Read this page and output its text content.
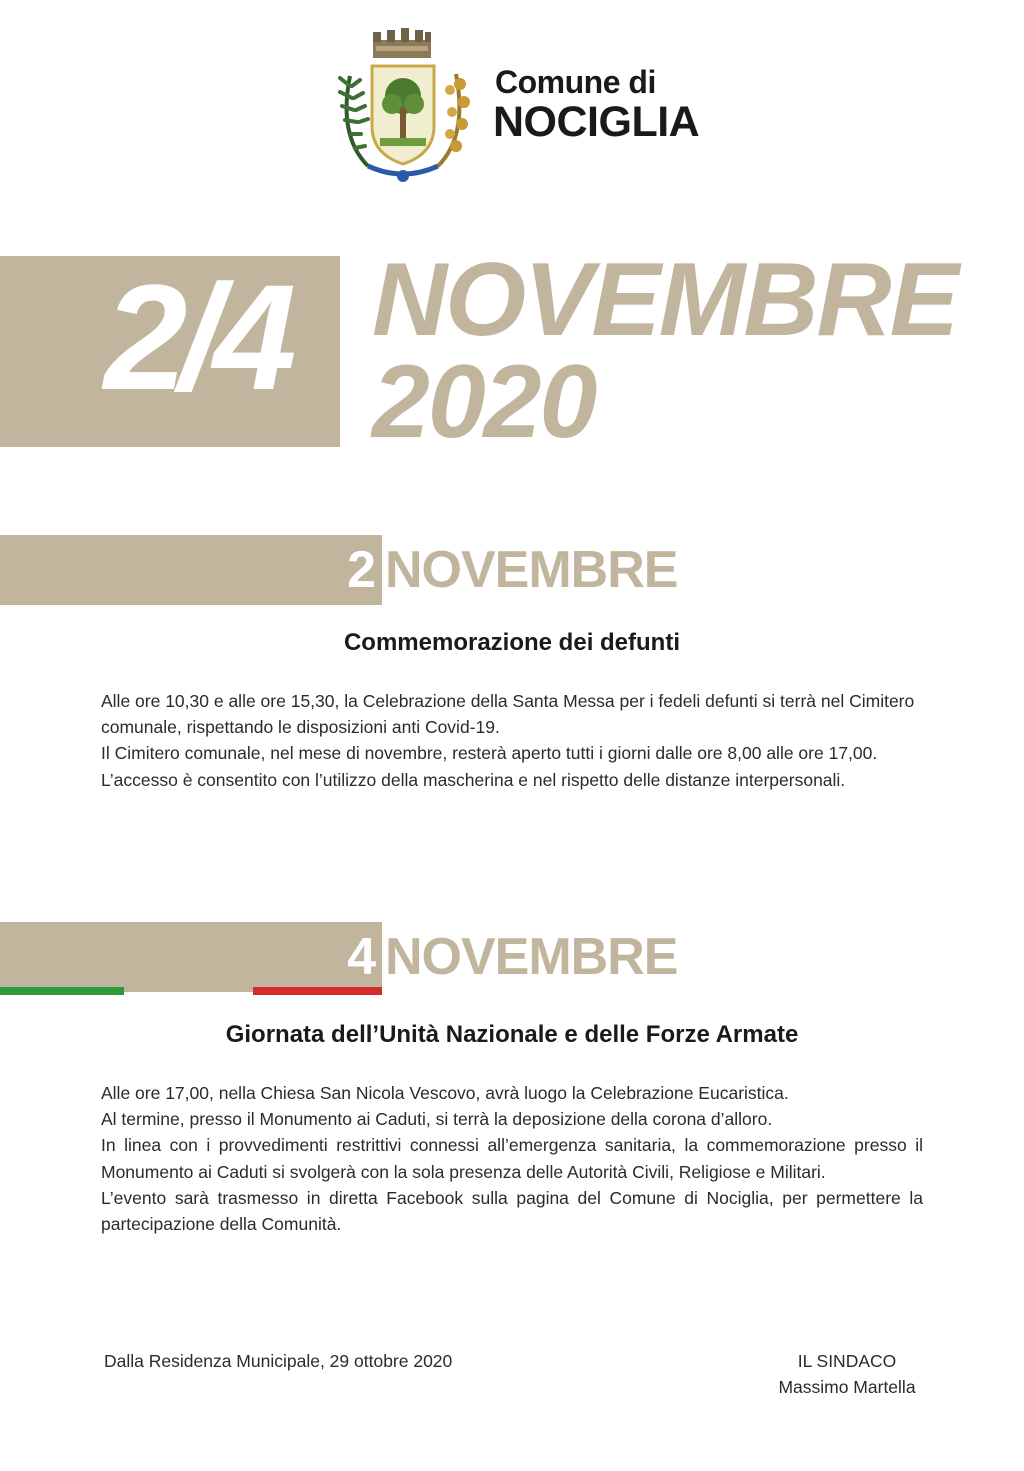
Comune di
NOCIGLIA
2/4 NOVEMBRE
2020
2 NOVEMBRE
Commemorazione dei defunti

Alle ore 10,30 e alle ore 15,30, la Celebrazione della Santa Messa per i fedeli defunti si terrà nel Cimitero comunale, rispettando le disposizioni anti Covid-19.

Il Cimitero comunale, nel mese di novembre, resterà aperto tutti i giorni dalle ore 8,00 alle ore 17,00.

L’accesso è consentito con l’utilizzo della mascherina e nel rispetto delle distanze interpersonali.

4 NOVEMBRE
Giornata dell’Unità Nazionale e delle Forze Armate

Alle ore 17,00, nella Chiesa San Nicola Vescovo, avrà luogo la Celebrazione Eucaristica.

Al termine, presso il Monumento ai Caduti, si terrà la deposizione della corona d’alloro.

In linea con i provvedimenti restrittivi connessi all’emergenza sanitaria, la commemorazione presso il Monumento ai Caduti si svolgerà con la sola presenza delle Autorità Civili, Religiose e Militari.

L’evento sarà trasmesso in diretta Facebook sulla pagina del Comune di Nociglia, per permettere la partecipazione della Comunità.

Dalla Residenza Municipale, 29 ottobre 2020	IL SINDACO
Massimo Martella
